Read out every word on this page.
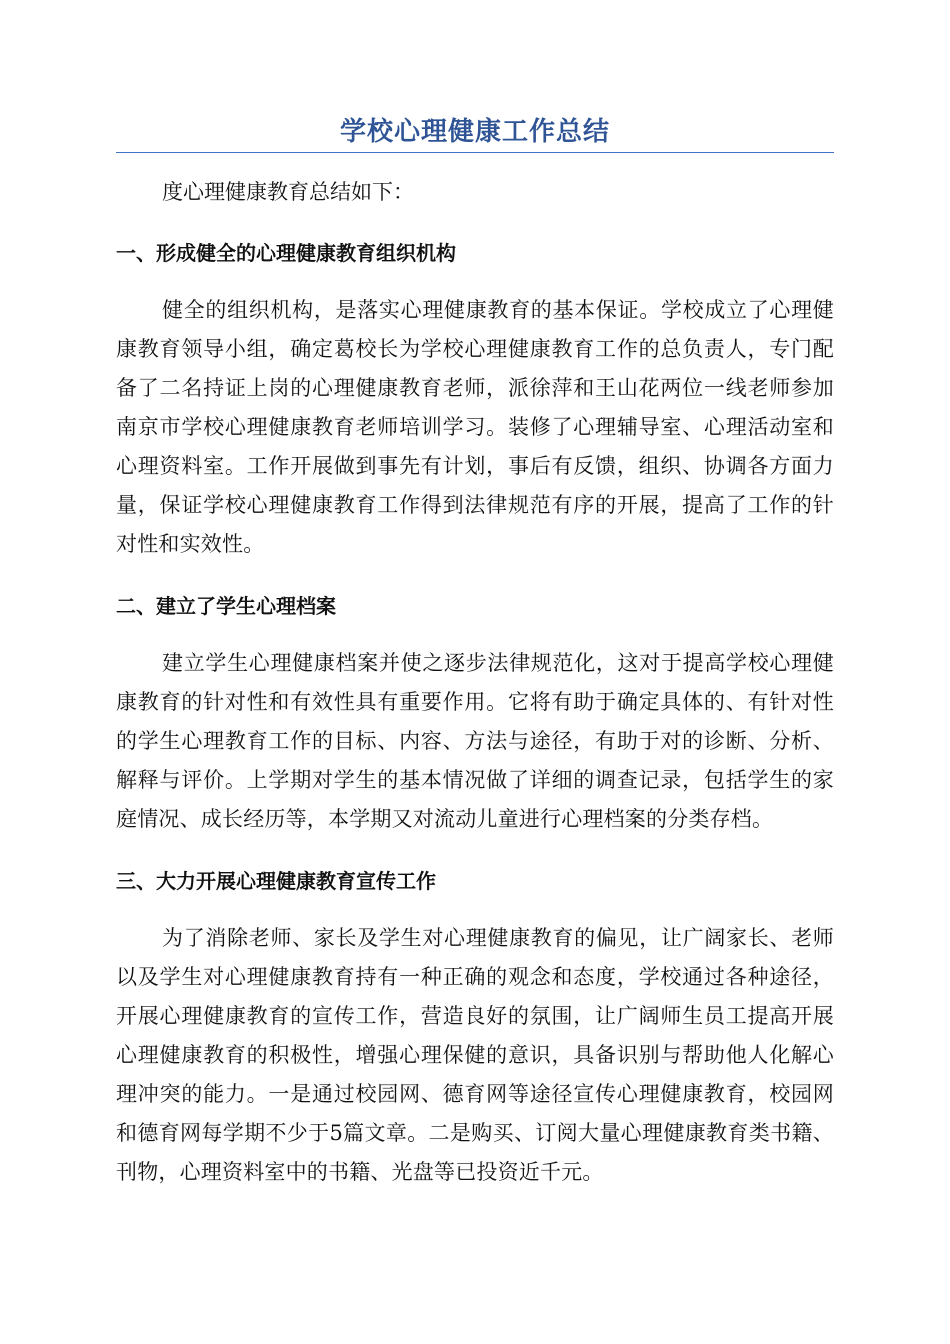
学校心理健康工作总结

度心理健康教育总结如下：

一、形成健全的心理健康教育组织机构

健全的组织机构，是落实心理健康教育的基本保证。学校成立了心理健康教育领导小组，确定葛校长为学校心理健康教育工作的总负责人，专门配备了二名持证上岗的心理健康教育老师，派徐萍和王山花两位一线老师参加南京市学校心理健康教育老师培训学习。装修了心理辅导室、心理活动室和心理资料室。工作开展做到事先有计划，事后有反馈，组织、协调各方面力量，保证学校心理健康教育工作得到法律规范有序的开展，提高了工作的针对性和实效性。

二、建立了学生心理档案

建立学生心理健康档案并使之逐步法律规范化，这对于提高学校心理健康教育的针对性和有效性具有重要作用。它将有助于确定具体的、有针对性的学生心理教育工作的目标、内容、方法与途径，有助于对的诊断、分析、解释与评价。上学期对学生的基本情况做了详细的调查记录，包括学生的家庭情况、成长经历等，本学期又对流动儿童进行心理档案的分类存档。

三、大力开展心理健康教育宣传工作

为了消除老师、家长及学生对心理健康教育的偏见，让广阔家长、老师以及学生对心理健康教育持有一种正确的观念和态度，学校通过各种途径，开展心理健康教育的宣传工作，营造良好的氛围，让广阔师生员工提高开展心理健康教育的积极性，增强心理保健的意识，具备识别与帮助他人化解心理冲突的能力。一是通过校园网、德育网等途径宣传心理健康教育，校园网和德育网每学期不少于5篇文章。二是购买、订阅大量心理健康教育类书籍、刊物，心理资料室中的书籍、光盘等已投资近千元。
